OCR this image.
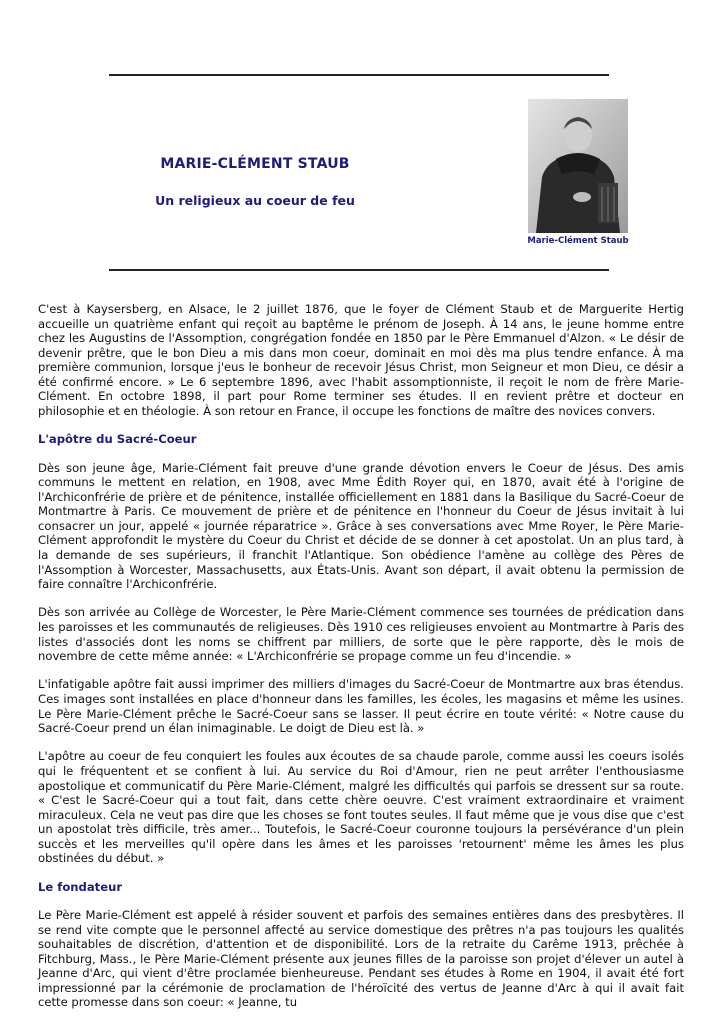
MARIE-CLÉMENT STAUB
Un religieux au coeur de feu
Marie-Clément Staub

C'est à Kaysersberg, en Alsace, le 2 juillet 1876, que le foyer de Clément Staub et de Marguerite Hertig accueille un quatrième enfant qui reçoit au baptême le prénom de Joseph. À 14 ans, le jeune homme entre chez les Augustins de l'Assomption, congrégation fondée en 1850 par le Père Emmanuel d'Alzon. « Le désir de devenir prêtre, que le bon Dieu a mis dans mon coeur, dominait en moi dès ma plus tendre enfance. À ma première communion, lorsque j'eus le bonheur de recevoir Jésus Christ, mon Seigneur et mon Dieu, ce désir a été confirmé encore. » Le 6 septembre 1896, avec l'habit assomptionniste, il reçoit le nom de frère Marie-Clément. En octobre 1898, il part pour Rome terminer ses études. Il en revient prêtre et docteur en philosophie et en théologie. À son retour en France, il occupe les fonctions de maître des novices convers.

L'apôtre du Sacré-Coeur

Dès son jeune âge, Marie-Clément fait preuve d'une grande dévotion envers le Coeur de Jésus. Des amis communs le mettent en relation, en 1908, avec Mme Édith Royer qui, en 1870, avait été à l'origine de l'Archiconfrérie de prière et de pénitence, installée officiellement en 1881 dans la Basilique du Sacré-Coeur de Montmartre à Paris. Ce mouvement de prière et de pénitence en l'honneur du Coeur de Jésus invitait à lui consacrer un jour, appelé « journée réparatrice ». Grâce à ses conversations avec Mme Royer, le Père Marie-Clément approfondit le mystère du Coeur du Christ et décide de se donner à cet apostolat. Un an plus tard, à la demande de ses supérieurs, il franchit l'Atlantique. Son obédience l'amène au collège des Pères de l'Assomption à Worcester, Massachusetts, aux États-Unis. Avant son départ, il avait obtenu la permission de faire connaître l'Archiconfrérie.

Dès son arrivée au Collège de Worcester, le Père Marie-Clément commence ses tournées de prédication dans les paroisses et les communautés de religieuses. Dès 1910 ces religieuses envoient au Montmartre à Paris des listes d'associés dont les noms se chiffrent par milliers, de sorte que le père rapporte, dès le mois de novembre de cette même année: « L'Archiconfrérie se propage comme un feu d'incendie. »

L'infatigable apôtre fait aussi imprimer des milliers d'images du Sacré-Coeur de Montmartre aux bras étendus. Ces images sont installées en place d'honneur dans les familles, les écoles, les magasins et même les usines. Le Père Marie-Clément prêche le Sacré-Coeur sans se lasser. Il peut écrire en toute vérité: « Notre cause du Sacré-Coeur prend un élan inimaginable. Le doigt de Dieu est là. »

L'apôtre au coeur de feu conquiert les foules aux écoutes de sa chaude parole, comme aussi les coeurs isolés qui le fréquentent et se confient à lui. Au service du Roi d'Amour, rien ne peut arrêter l'enthousiasme apostolique et communicatif du Père Marie-Clément, malgré les difficultés qui parfois se dressent sur sa route. « C'est le Sacré-Coeur qui a tout fait, dans cette chère oeuvre. C'est vraiment extraordinaire et vraiment miraculeux. Cela ne veut pas dire que les choses se font toutes seules. Il faut même que je vous dise que c'est un apostolat très difficile, très amer... Toutefois, le Sacré-Coeur couronne toujours la persévérance d'un plein succès et les merveilles qu'il opère dans les âmes et les paroisses 'retournent' même les âmes les plus obstinées du début. »

Le fondateur

Le Père Marie-Clément est appelé à résider souvent et parfois des semaines entières dans des presbytères. Il se rend vite compte que le personnel affecté au service domestique des prêtres n'a pas toujours les qualités souhaitables de discrétion, d'attention et de disponibilité. Lors de la retraite du Carême 1913, prêchée à Fitchburg, Mass., le Père Marie-Clément présente aux jeunes filles de la paroisse son projet d'élever un autel à Jeanne d'Arc, qui vient d'être proclamée bienheureuse. Pendant ses études à Rome en 1904, il avait été fort impressionné par la cérémonie de proclamation de l'héroïcité des vertus de Jeanne d'Arc à qui il avait fait cette promesse dans son coeur: « Jeanne, tu
